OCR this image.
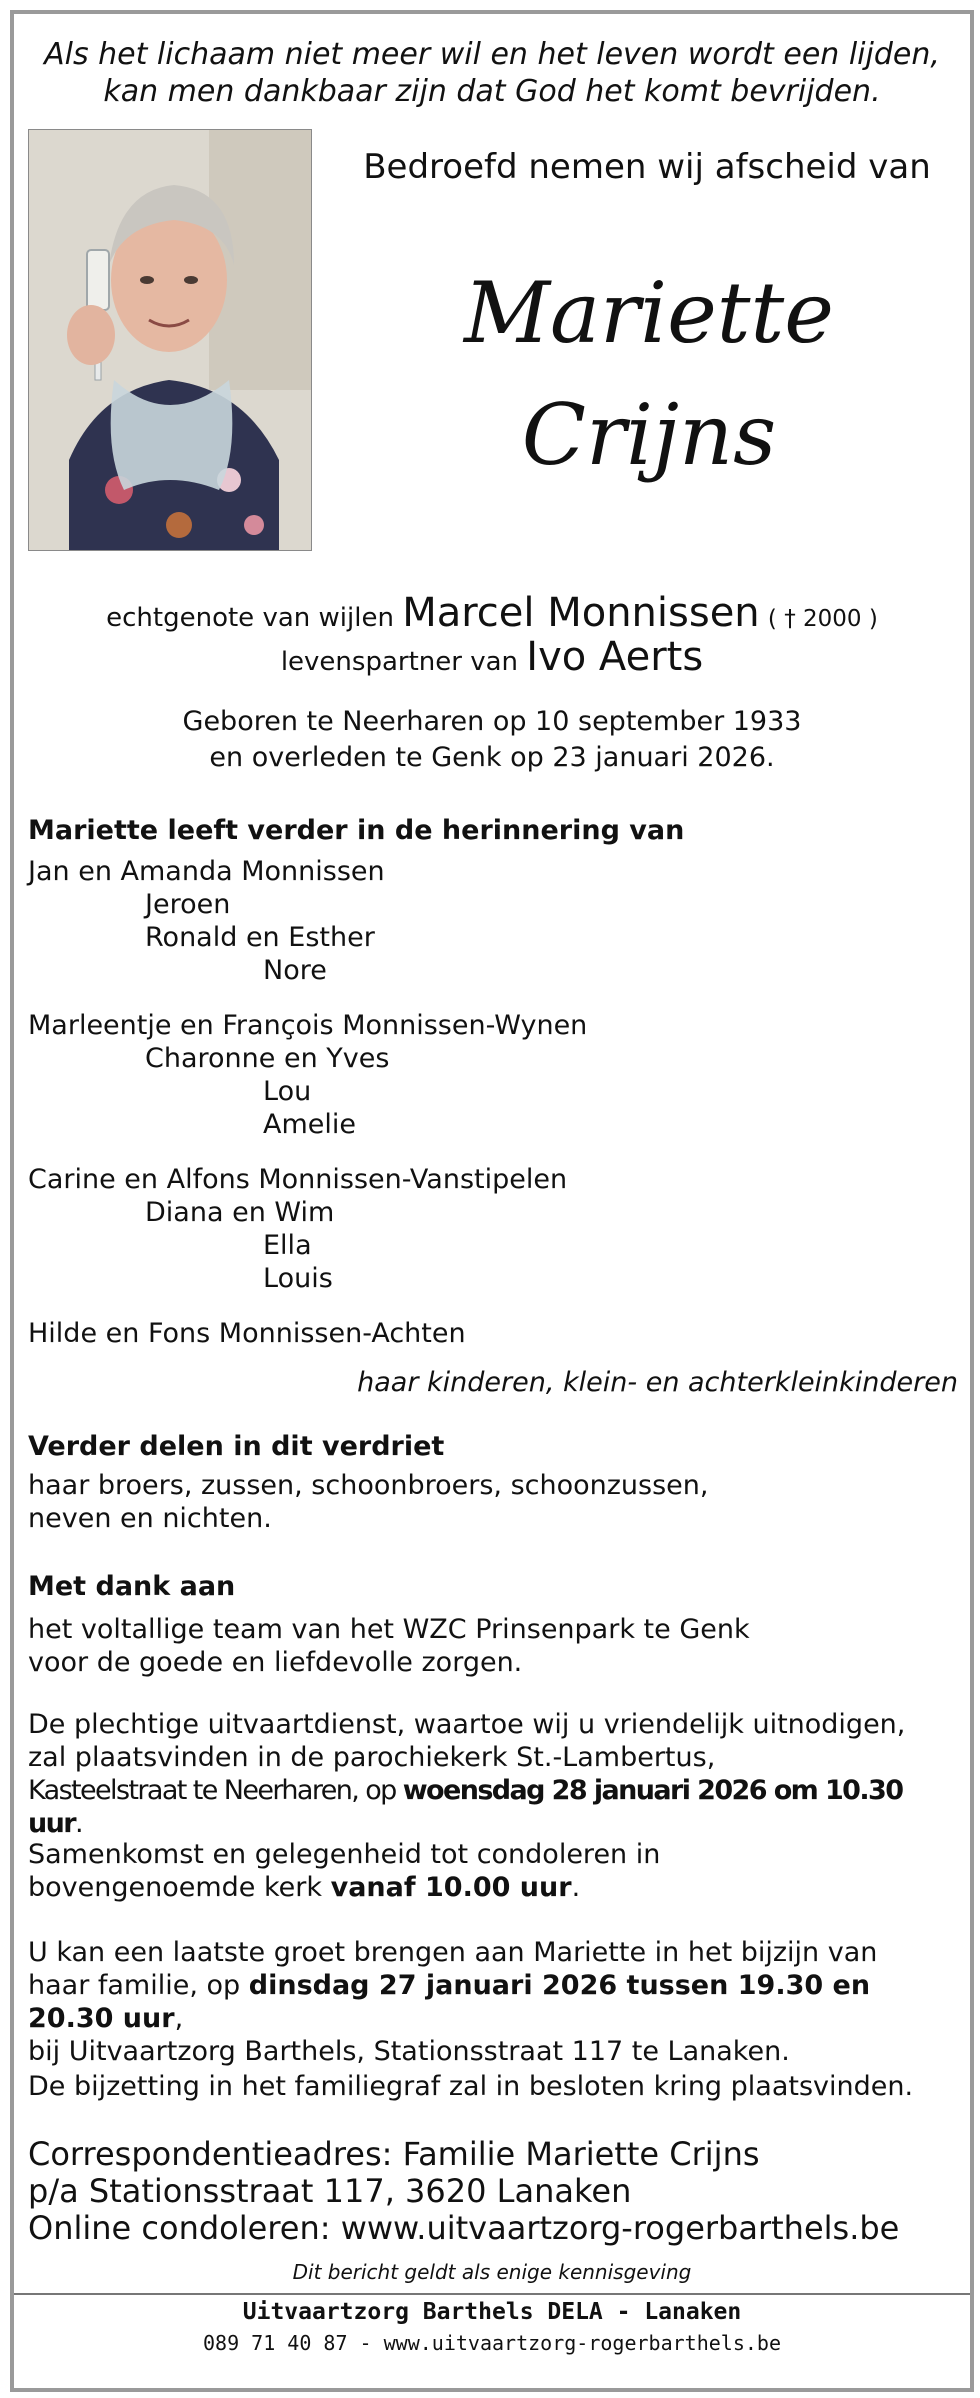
Als het lichaam niet meer wil en het leven wordt een lijden,
kan men dankbaar zijn dat God het komt bevrijden.
Bedroefd nemen wij afscheid van
Mariette
Crijns
echtgenote van wijlen Marcel Monnissen ( † 2000 )
levenspartner van Ivo Aerts
Geboren te Neerharen op 10 september 1933
en overleden te Genk op 23 januari 2026.
Mariette leeft verder in de herinnering van
Jan en Amanda Monnissen
Jeroen
Ronald en Esther
Nore
Marleentje en François Monnissen-Wynen
Charonne en Yves
Lou
Amelie
Carine en Alfons Monnissen-Vanstipelen
Diana en Wim
Ella
Louis
Hilde en Fons Monnissen-Achten
haar kinderen, klein- en achterkleinkinderen
Verder delen in dit verdriet
haar broers, zussen, schoonbroers, schoonzussen,
neven en nichten.
Met dank aan
het voltallige team van het WZC Prinsenpark te Genk
voor de goede en liefdevolle zorgen.
De plechtige uitvaartdienst, waartoe wij u vriendelijk uitnodigen,
zal plaatsvinden in de parochiekerk St.-Lambertus,
Kasteelstraat te Neerharen, op woensdag 28 januari 2026 om 10.30 uur.
Samenkomst en gelegenheid tot condoleren in
bovengenoemde kerk vanaf 10.00 uur.
U kan een laatste groet brengen aan Mariette in het bijzijn van
haar familie, op dinsdag 27 januari 2026 tussen 19.30 en 20.30 uur,
bij Uitvaartzorg Barthels, Stationsstraat 117 te Lanaken.
De bijzetting in het familiegraf zal in besloten kring plaatsvinden.
Correspondentieadres: Familie Mariette Crijns
p/a Stationsstraat 117, 3620 Lanaken
Online condoleren: www.uitvaartzorg-rogerbarthels.be
Dit bericht geldt als enige kennisgeving
Uitvaartzorg Barthels DELA - Lanaken
089 71 40 87 - www.uitvaartzorg-rogerbarthels.be
